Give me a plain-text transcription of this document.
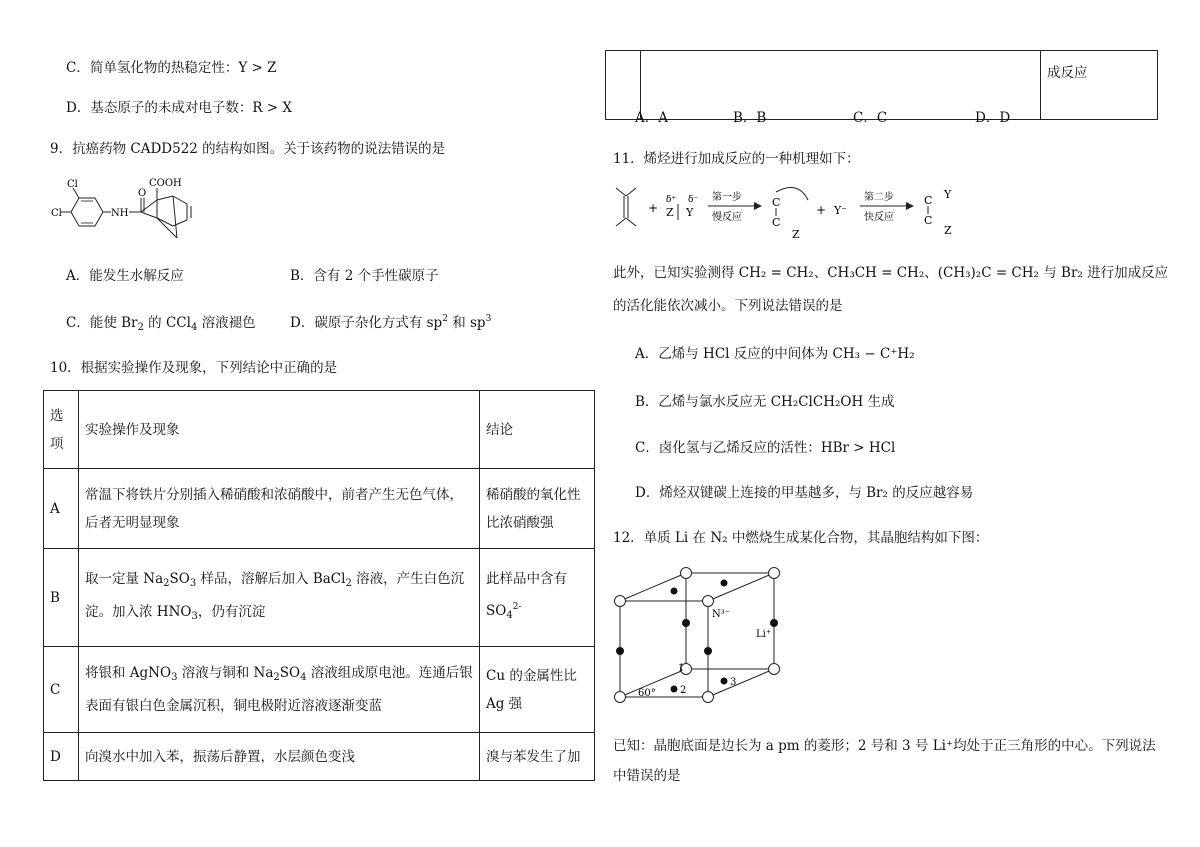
C．简单氢化物的热稳定性：Y > Z
D．基态原子的未成对电子数：R > X
9．抗癌药物 CADD522 的结构如图。关于该药物的说法错误的是
Cl
Cl	NH
O
COOH
A．能发生水解反应	B．含有 2 个手性碳原子
C．能使 $Br_2$ 的 CCl$_4$ 溶液褪色	D．碳原子杂化方式有 $sp^2$ 和 $sp^3$
10．根据实验操作及现象，下列结论中正确的是
选项	实验操作及现象	结论
A	常温下将铁片分别插入稀硝酸和浓硝酸中，前者产生无色气体，后者无明显现象	稀硝酸的氧化性比浓硝酸强
B	取一定量 $Na_2SO_3$ 样品，溶解后加入 BaCl$_2$ 溶液，产生白色沉淀。加入浓 $HNO_3$，仍有沉淀	此样品中含有 $SO_4^{2-}$
C	将银和 AgNO$_3$ 溶液与铜和 $Na_2SO_4$ 溶液组成原电池。连通后银表面有银白色金属沉积，铜电极附近溶液逐渐变蓝	Cu 的金属性比 Ag 强
D	向溴水中加入苯，振荡后静置，水层颜色变浅	溴与苯发生了加
		成反应
A．A	B．B	C．C	D．D
11．烯烃进行加成反应的一种机理如下：
+
δ⁺ δ⁻
Z Y
第一步
慢反应
C
C
Z
+ Y⁻
第二步
快反应
C
C
Y
Z
此外，已知实验测得 CH₂ = CH₂、CH₃CH = CH₂、(CH₃)₂C = CH₂ 与 Br₂ 进行加成反应
的活化能依次减小。下列说法错误的是
A．乙烯与 HCl 反应的中间体为 CH₃ − C⁺H₂
B．乙烯与氯水反应无 CH₂ClCH₂OH 生成
C．卤化氢与乙烯反应的活性：HBr > HCl
D．烯烃双键碳上连接的甲基越多，与 Br₂ 的反应越容易
12．单质 Li 在 N₂ 中燃烧生成某化合物，其晶胞结构如下图：
N³⁻
Li⁺
1
2
3
60°
已知：晶胞底面是边长为 a pm 的菱形；2 号和 3 号 Li⁺均处于正三角形的中心。下列说法
中错误的是
